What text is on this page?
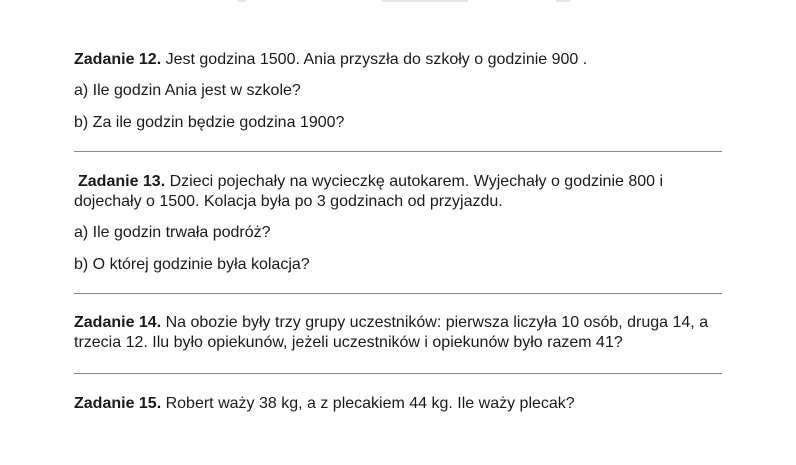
Zadanie 12. Jest godzina 1500. Ania przyszła do szkoły o godzinie 900 .
a) Ile godzin Ania jest w szkole?
b) Za ile godzin będzie godzina 1900?
Zadanie 13. Dzieci pojechały na wycieczkę autokarem. Wyjechały o godzinie 800 i
dojechały o 1500. Kolacja była po 3 godzinach od przyjazdu.
a) Ile godzin trwała podróż?
b) O której godzinie była kolacja?
Zadanie 14. Na obozie były trzy grupy uczestników: pierwsza liczyła 10 osób, druga 14, a
trzecia 12. Ilu było opiekunów, jeżeli uczestników i opiekunów było razem 41?
Zadanie 15. Robert waży 38 kg, a z plecakiem 44 kg. Ile waży plecak?
